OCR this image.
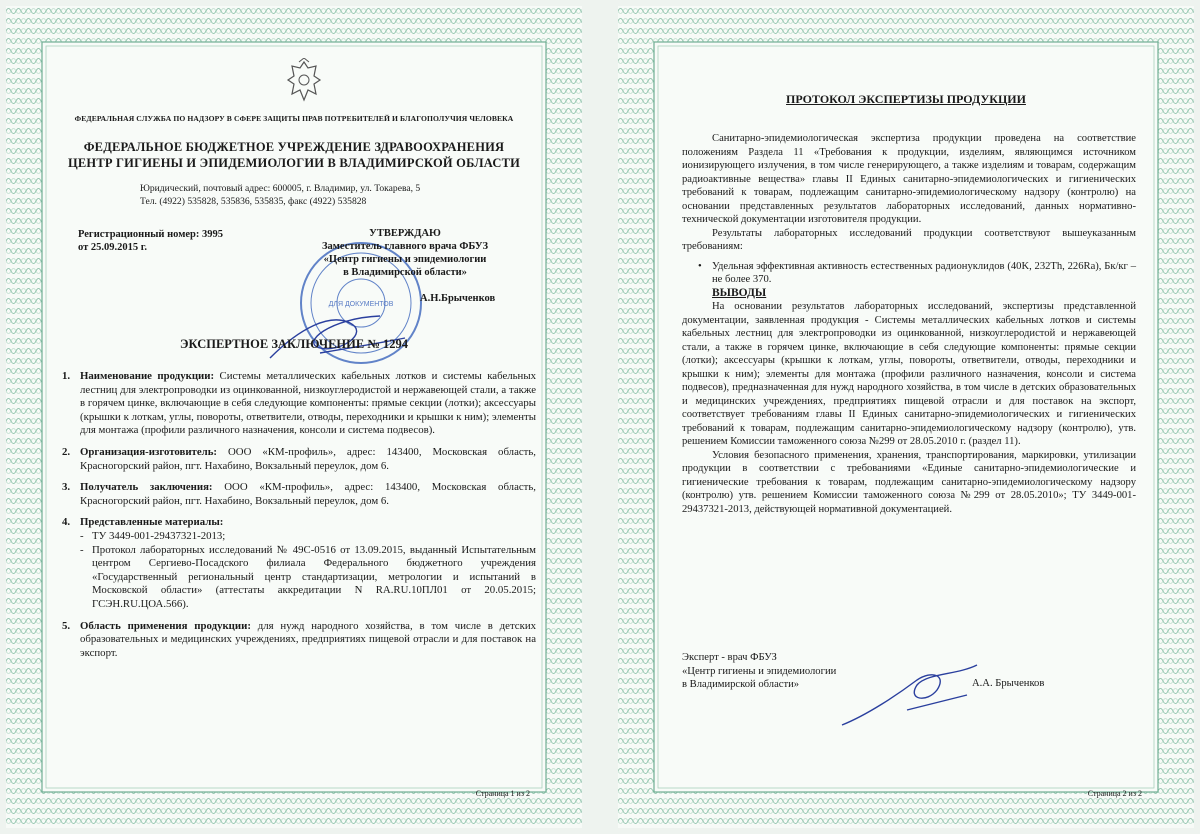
ФЕДЕРАЛЬНАЯ СЛУЖБА ПО НАДЗОРУ В СФЕРЕ ЗАЩИТЫ ПРАВ ПОТРЕБИТЕЛЕЙ И БЛАГОПОЛУЧИЯ ЧЕЛОВЕКА
ФЕДЕРАЛЬНОЕ БЮДЖЕТНОЕ УЧРЕЖДЕНИЕ ЗДРАВООХРАНЕНИЯ
ЦЕНТР ГИГИЕНЫ И ЭПИДЕМИОЛОГИИ В ВЛАДИМИРСКОЙ ОБЛАСТИ
Юридический, почтовый адрес: 600005, г. Владимир, ул. Токарева, 5
Тел. (4922) 535828, 535836, 535835, факс (4922) 535828
Регистрационный номер: 3995
от 25.09.2015 г.
ДЛЯ ДОКУМЕНТОВ
УТВЕРЖДАЮ
Заместитель главного врача ФБУЗ
«Центр гигиены и эпидемиологии
в Владимирской области»
А.Н.Брыченков
ЭКСПЕРТНОЕ ЗАКЛЮЧЕНИЕ № 1294
1. Наименование продукции: Системы металлических кабельных лотков и системы кабельных лестниц для электропроводки из оцинкованной, низкоуглеродистой и нержавеющей стали, а также в горячем цинке, включающие в себя следующие компоненты: прямые секции (лотки); аксессуары (крышки к лоткам, углы, повороты, ответвители, отводы, переходники и крышки к ним); элементы для монтажа (профили различного назначения, консоли и система подвесов).
2. Организация-изготовитель: ООО «КМ-профиль», адрес: 143400, Московская область, Красногорский район, пгт. Нахабино, Вокзальный переулок, дом 6.
3. Получатель заключения: ООО «КМ-профиль», адрес: 143400, Московская область, Красногорский район, пгт. Нахабино, Вокзальный переулок, дом 6.
4. Представленные материалы:
- ТУ 3449-001-29437321-2013;
- Протокол лабораторных исследований № 49С-0516 от 13.09.2015, выданный Испытательным центром Сергиево-Посадского филиала Федерального бюджетного учреждения «Государственный региональный центр стандартизации, метрологии и испытаний в Московской области» (аттестаты аккредитации N RA.RU.10ПЛ01 от 20.05.2015; ГСЭН.RU.ЦОА.566).
5. Область применения продукции: для нужд народного хозяйства, в том числе в детских образовательных и медицинских учреждениях, предприятиях пищевой отрасли и для поставок на экспорт.
Страница 1 из 2
ПРОТОКОЛ ЭКСПЕРТИЗЫ ПРОДУКЦИИ

Санитарно-эпидемиологическая экспертиза продукции проведена на соответствие положениям Раздела 11 «Требования к продукции, изделиям, являющимся источником ионизирующего излучения, в том числе генерирующего, а также изделиям и товарам, содержащим радиоактивные вещества» главы II Единых санитарно-эпидемиологических и гигиенических требований к товарам, подлежащим санитарно-эпидемиологическому надзору (контролю) на основании представленных результатов лабораторных исследований, данных нормативно-технической документации изготовителя продукции.

Результаты лабораторных исследований продукции соответствуют вышеуказанным требованиям:

• Удельная эффективная активность естественных радионуклидов (40K, 232Th, 226Ra), Бк/кг – не более 370.

ВЫВОДЫ

На основании результатов лабораторных исследований, экспертизы представленной документации, заявленная продукция - Системы металлических кабельных лотков и системы кабельных лестниц для электропроводки из оцинкованной, низкоуглеродистой и нержавеющей стали, а также в горячем цинке, включающие в себя следующие компоненты: прямые секции (лотки); аксессуары (крышки к лоткам, углы, повороты, ответвители, отводы, переходники и крышки к ним); элементы для монтажа (профили различного назначения, консоли и система подвесов), предназначенная для нужд народного хозяйства, в том числе в детских образовательных и медицинских учреждениях, предприятиях пищевой отрасли и для поставок на экспорт, соответствует требованиям главы II Единых санитарно-эпидемиологических и гигиенических требований к товарам, подлежащим санитарно-эпидемиологическому надзору (контролю), утв. решением Комиссии таможенного союза №299 от 28.05.2010 г. (раздел 11).

Условия безопасного применения, хранения, транспортирования, маркировки, утилизации продукции в соответствии с требованиями «Единые санитарно-эпидемиологические и гигиенические требования к товарам, подлежащим санитарно-эпидемиологическому надзору (контролю) утв. решением Комиссии таможенного союза №299 от 28.05.2010»; ТУ 3449-001-29437321-2013, действующей нормативной документацией.

Эксперт - врач ФБУЗ
«Центр гигиены и эпидемиологии
в Владимирской области»	А.А. Брыченков
Страница 2 из 2
